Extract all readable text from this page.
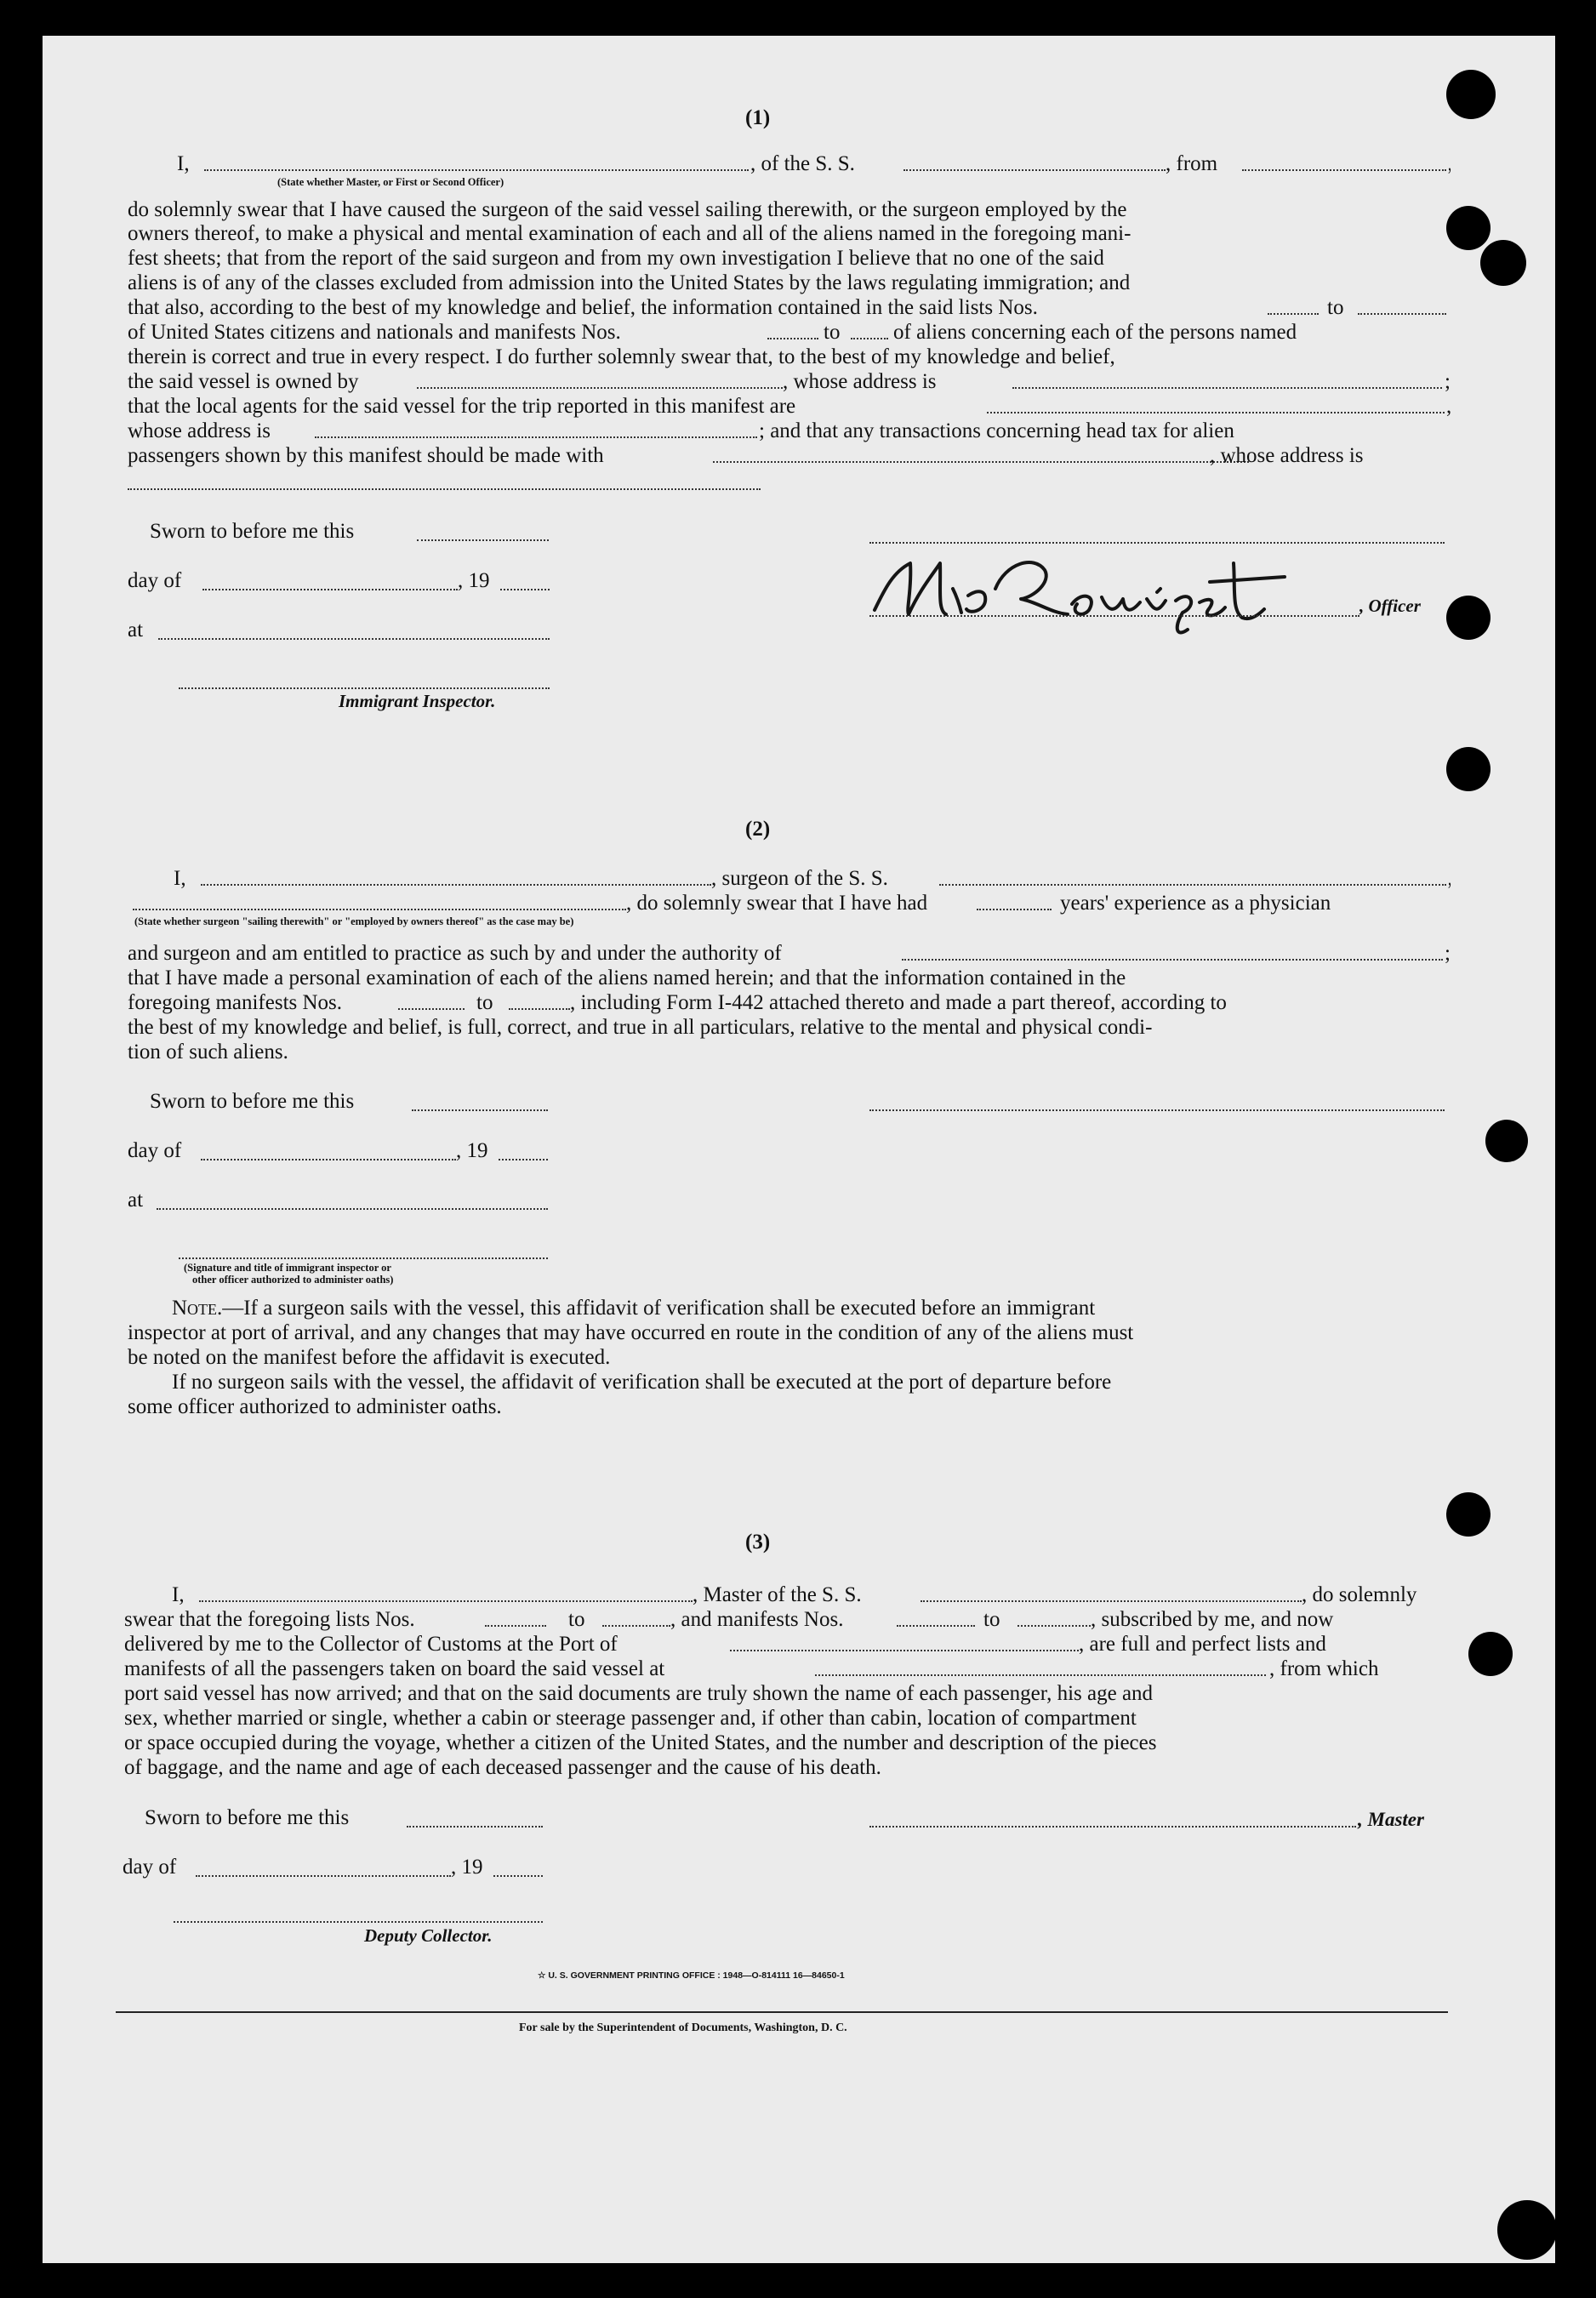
(1)
I,	, of the S. S.	, from	,
(State whether Master, or First or Second Officer)
do solemnly swear that I have caused the surgeon of the said vessel sailing therewith, or the surgeon employed by the
owners thereof, to make a physical and mental examination of each and all of the aliens named in the foregoing mani-
fest sheets; that from the report of the said surgeon and from my own investigation I believe that no one of the said
aliens is of any of the classes excluded from admission into the United States by the laws regulating immigration; and
that also, according to the best of my knowledge and belief, the information contained in the said lists Nos.	to
of United States citizens and nationals and manifests Nos.	to	of aliens concerning each of the persons named
therein is correct and true in every respect. I do further solemnly swear that, to the best of my knowledge and belief,
the said vessel is owned by	, whose address is	;
that the local agents for the said vessel for the trip reported in this manifest are	,
whose address is	; and that any transactions concerning head tax for alien
passengers shown by this manifest should be made with	, whose address is
Sworn to before me this
day of	, 19
at
Immigrant Inspector.
, Officer
(2)
I,	, surgeon of the S. S.	,
, do solemnly swear that I have had	years' experience as a physician
(State whether surgeon "sailing therewith" or "employed by owners thereof" as the case may be)
and surgeon and am entitled to practice as such by and under the authority of	;
that I have made a personal examination of each of the aliens named herein; and that the information contained in the
foregoing manifests Nos.	to	, including Form I-442 attached thereto and made a part thereof, according to
the best of my knowledge and belief, is full, correct, and true in all particulars, relative to the mental and physical condi-
tion of such aliens.
Sworn to before me this
day of	, 19
at
(Signature and title of immigrant inspector or
other officer authorized to administer oaths)
Note.—If a surgeon sails with the vessel, this affidavit of verification shall be executed before an immigrant
inspector at port of arrival, and any changes that may have occurred en route in the condition of any of the aliens must
be noted on the manifest before the affidavit is executed.
If no surgeon sails with the vessel, the affidavit of verification shall be executed at the port of departure before
some officer authorized to administer oaths.
(3)
I,	, Master of the S. S.	, do solemnly
swear that the foregoing lists Nos.	to	, and manifests Nos.	to	, subscribed by me, and now
delivered by me to the Collector of Customs at the Port of	, are full and perfect lists and
manifests of all the passengers taken on board the said vessel at	, from which
port said vessel has now arrived; and that on the said documents are truly shown the name of each passenger, his age and
sex, whether married or single, whether a cabin or steerage passenger and, if other than cabin, location of compartment
or space occupied during the voyage, whether a citizen of the United States, and the number and description of the pieces
of baggage, and the name and age of each deceased passenger and the cause of his death.
Sworn to before me this	, Master
day of	, 19
Deputy Collector.
☆ U. S. GOVERNMENT PRINTING OFFICE : 1948—O-814111 16—84650-1
For sale by the Superintendent of Documents, Washington, D. C.
